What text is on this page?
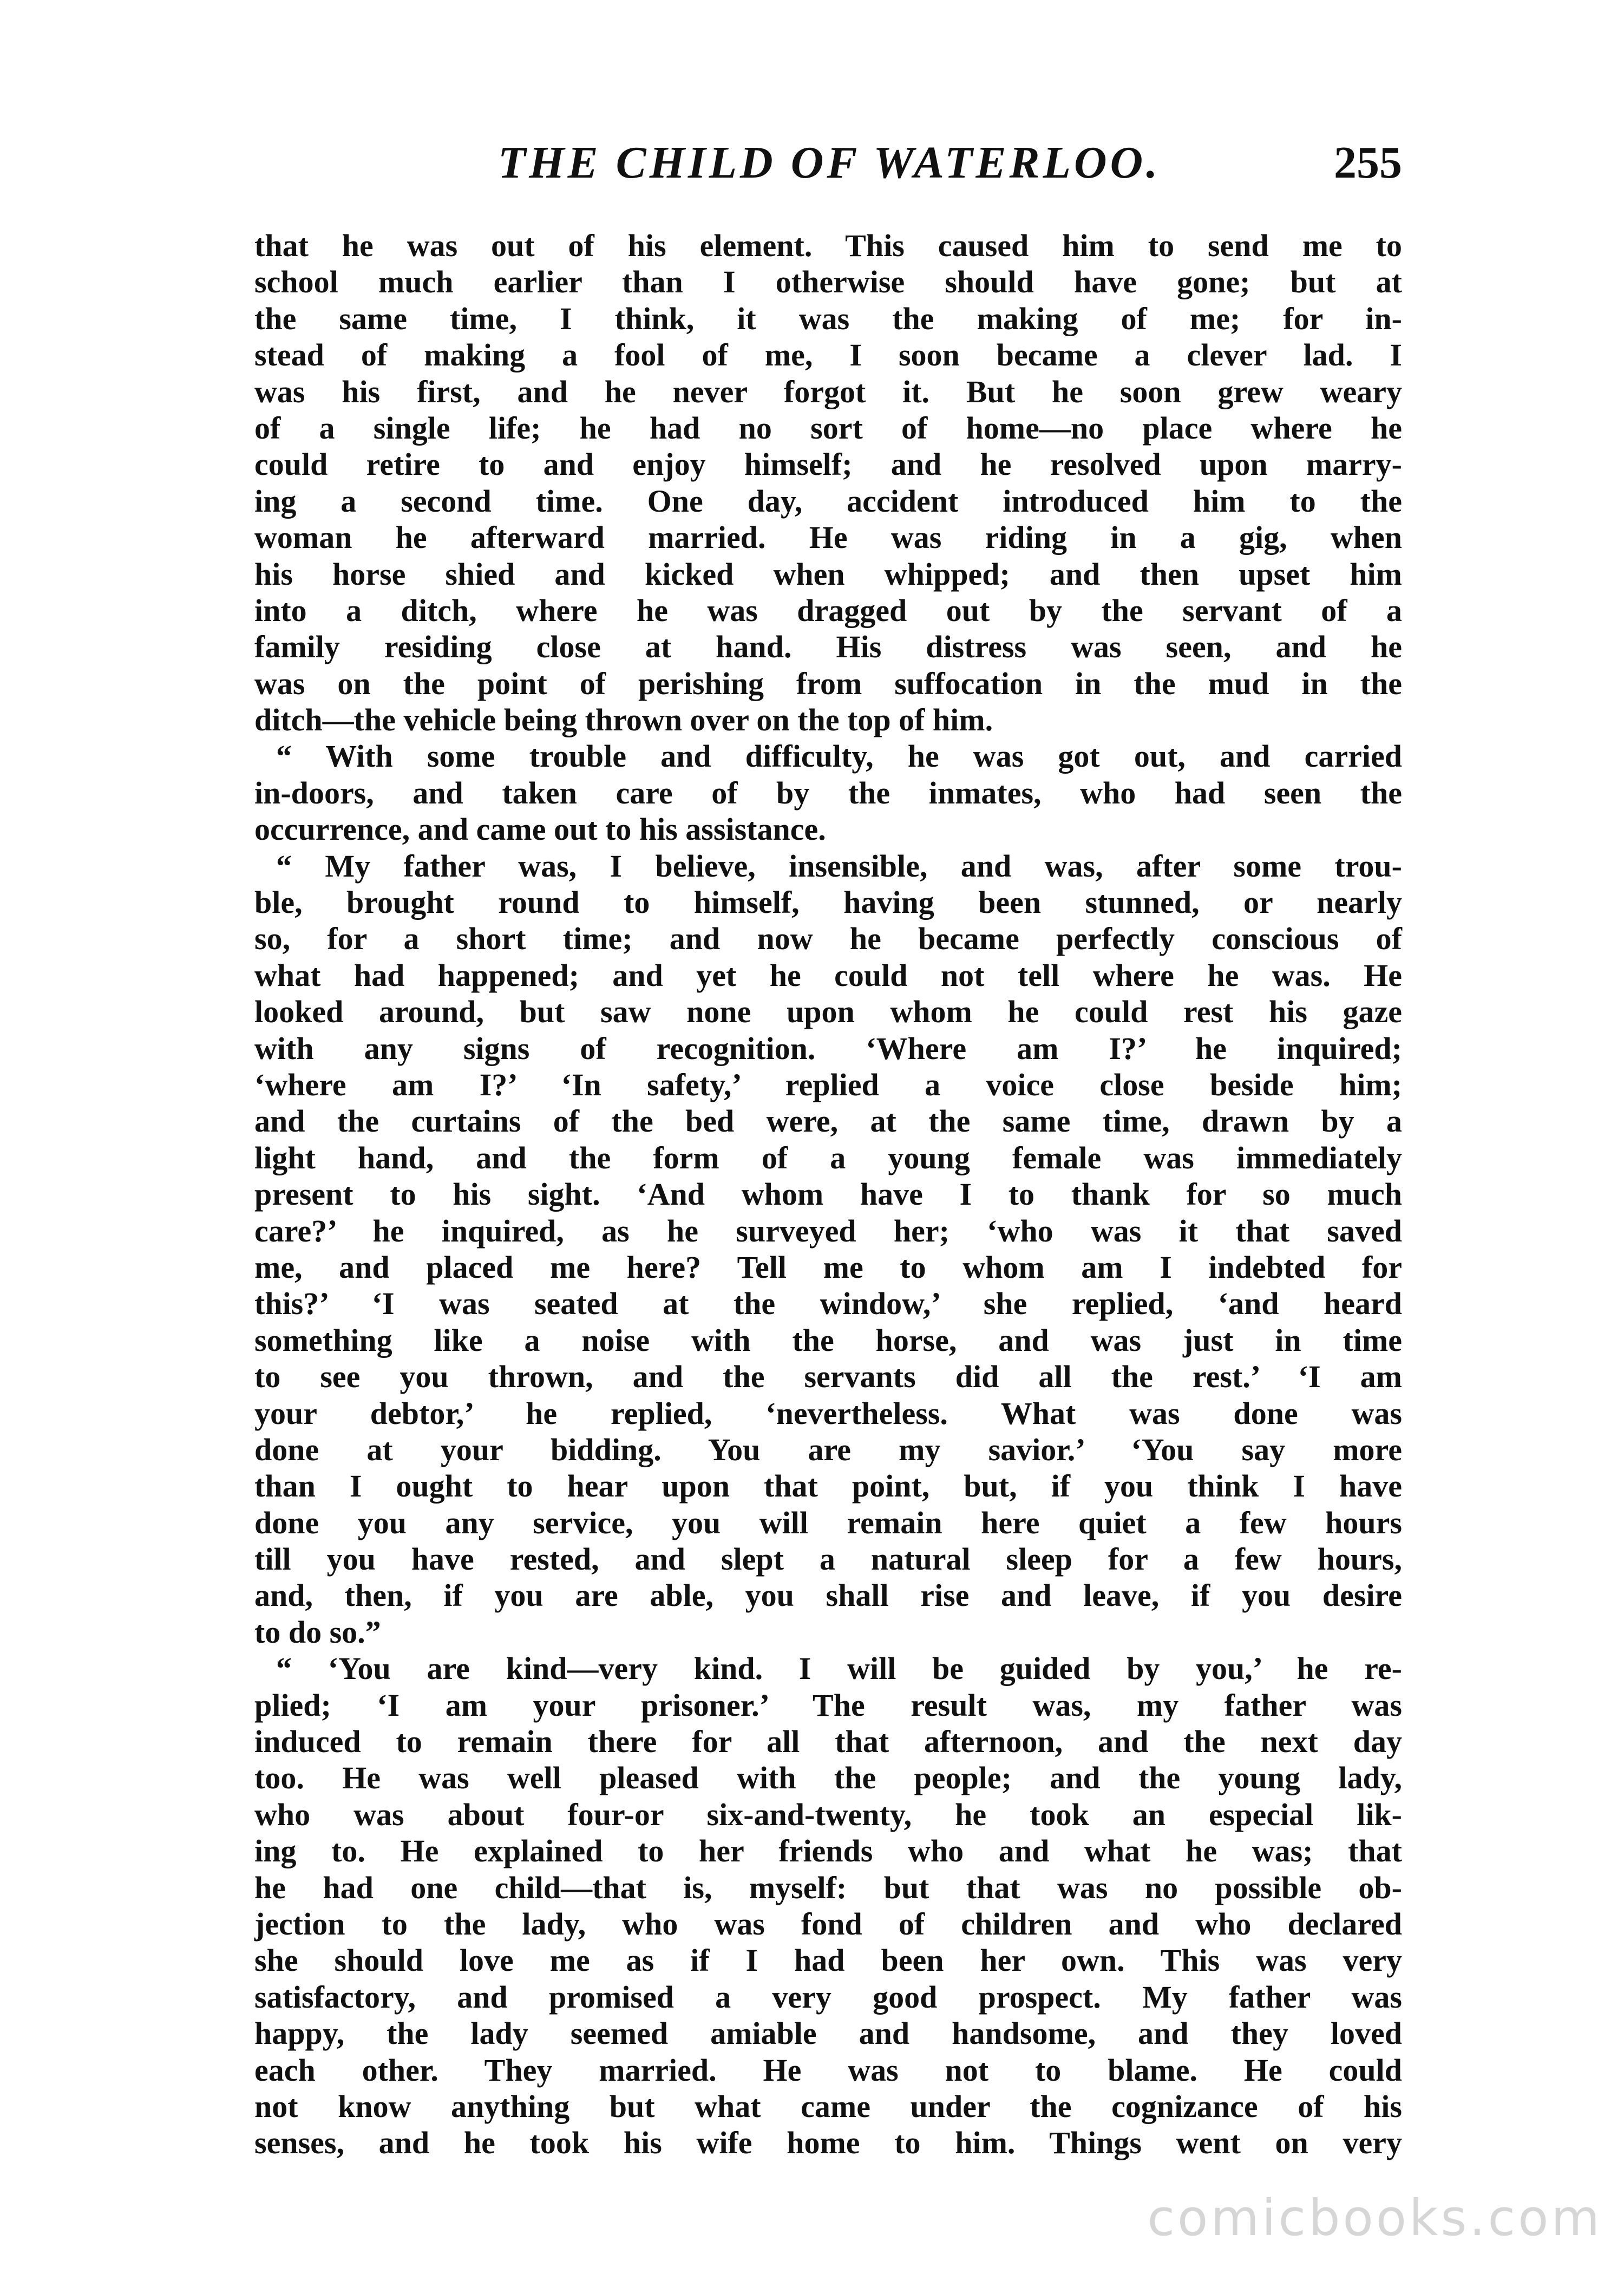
THE CHILD OF WATERLOO.	255
that he was out of his element. This caused him to send me to
school much earlier than I otherwise should have gone; but at
the same time, I think, it was the making of me; for in-
stead of making a fool of me, I soon became a clever lad. I
was his first, and he never forgot it. But he soon grew weary
of a single life; he had no sort of home—no place where he
could retire to and enjoy himself; and he resolved upon marry-
ing a second time. One day, accident introduced him to the
woman he afterward married. He was riding in a gig, when
his horse shied and kicked when whipped; and then upset him
into a ditch, where he was dragged out by the servant of a
family residing close at hand. His distress was seen, and he
was on the point of perishing from suffocation in the mud in the
ditch—the vehicle being thrown over on the top of him.
“ With some trouble and difficulty, he was got out, and carried
in-doors, and taken care of by the inmates, who had seen the
occurrence, and came out to his assistance.
“ My father was, I believe, insensible, and was, after some trou-
ble, brought round to himself, having been stunned, or nearly
so, for a short time; and now he became perfectly conscious of
what had happened; and yet he could not tell where he was. He
looked around, but saw none upon whom he could rest his gaze
with any signs of recognition. ‘Where am I?’ he inquired;
‘where am I?’ ‘In safety,’ replied a voice close beside him;
and the curtains of the bed were, at the same time, drawn by a
light hand, and the form of a young female was immediately
present to his sight. ‘And whom have I to thank for so much
care?’ he inquired, as he surveyed her; ‘who was it that saved
me, and placed me here? Tell me to whom am I indebted for
this?’ ‘I was seated at the window,’ she replied, ‘and heard
something like a noise with the horse, and was just in time
to see you thrown, and the servants did all the rest.’ ‘I am
your debtor,’ he replied, ‘nevertheless. What was done was
done at your bidding. You are my savior.’ ‘You say more
than I ought to hear upon that point, but, if you think I have
done you any service, you will remain here quiet a few hours
till you have rested, and slept a natural sleep for a few hours,
and, then, if you are able, you shall rise and leave, if you desire
to do so.”
“ ‘You are kind—very kind. I will be guided by you,’ he re-
plied; ‘I am your prisoner.’ The result was, my father was
induced to remain there for all that afternoon, and the next day
too. He was well pleased with the people; and the young lady,
who was about four-or six-and-twenty, he took an especial lik-
ing to. He explained to her friends who and what he was; that
he had one child—that is, myself: but that was no possible ob-
jection to the lady, who was fond of children and who declared
she should love me as if I had been her own. This was very
satisfactory, and promised a very good prospect. My father was
happy, the lady seemed amiable and handsome, and they loved
each other. They married. He was not to blame. He could
not know anything but what came under the cognizance of his
senses, and he took his wife home to him. Things went on very
comicbooks.com
